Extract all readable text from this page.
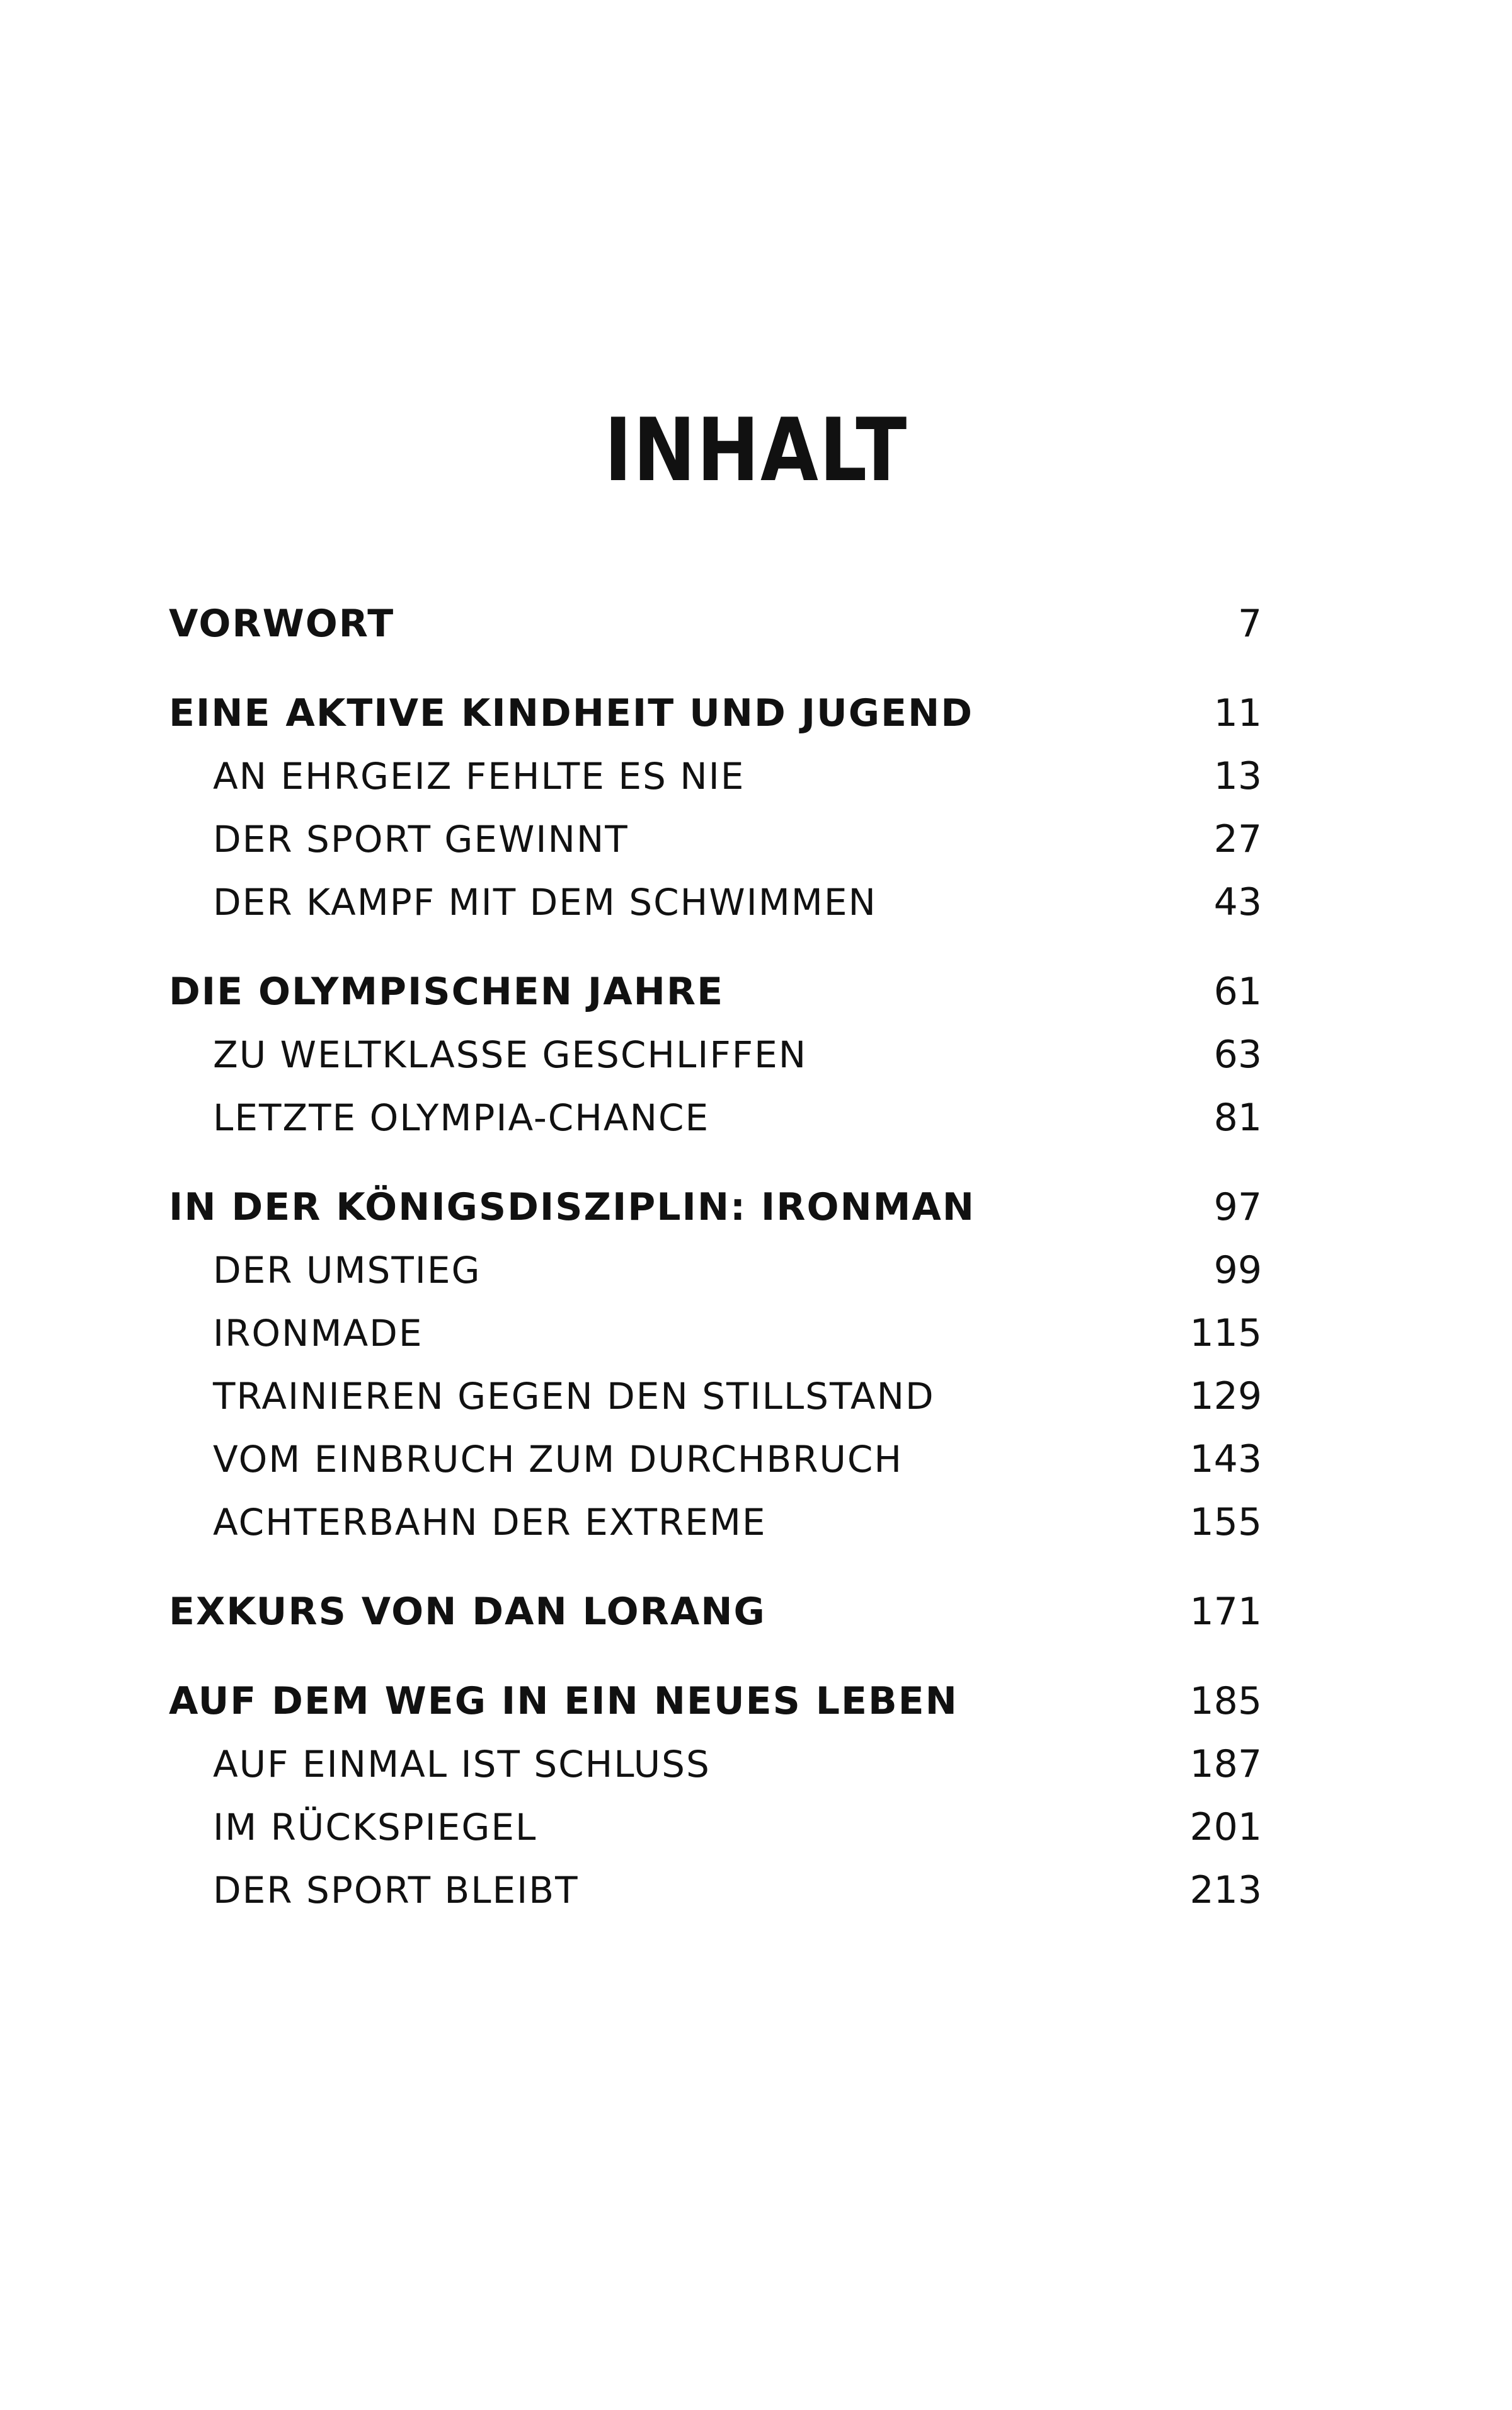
INHALT
VORWORT	7
EINE AKTIVE KINDHEIT UND JUGEND	11
AN EHRGEIZ FEHLTE ES NIE	13
DER SPORT GEWINNT	27
DER KAMPF MIT DEM SCHWIMMEN	43
DIE OLYMPISCHEN JAHRE	61
ZU WELTKLASSE GESCHLIFFEN	63
LETZTE OLYMPIA-CHANCE	81
IN DER KÖNIGSDISZIPLIN: IRONMAN	97
DER UMSTIEG	99
IRONMADE	115
TRAINIEREN GEGEN DEN STILLSTAND	129
VOM EINBRUCH ZUM DURCHBRUCH	143
ACHTERBAHN DER EXTREME	155
EXKURS VON DAN LORANG	171
AUF DEM WEG IN EIN NEUES LEBEN	185
AUF EINMAL IST SCHLUSS	187
IM RÜCKSPIEGEL	201
DER SPORT BLEIBT	213
